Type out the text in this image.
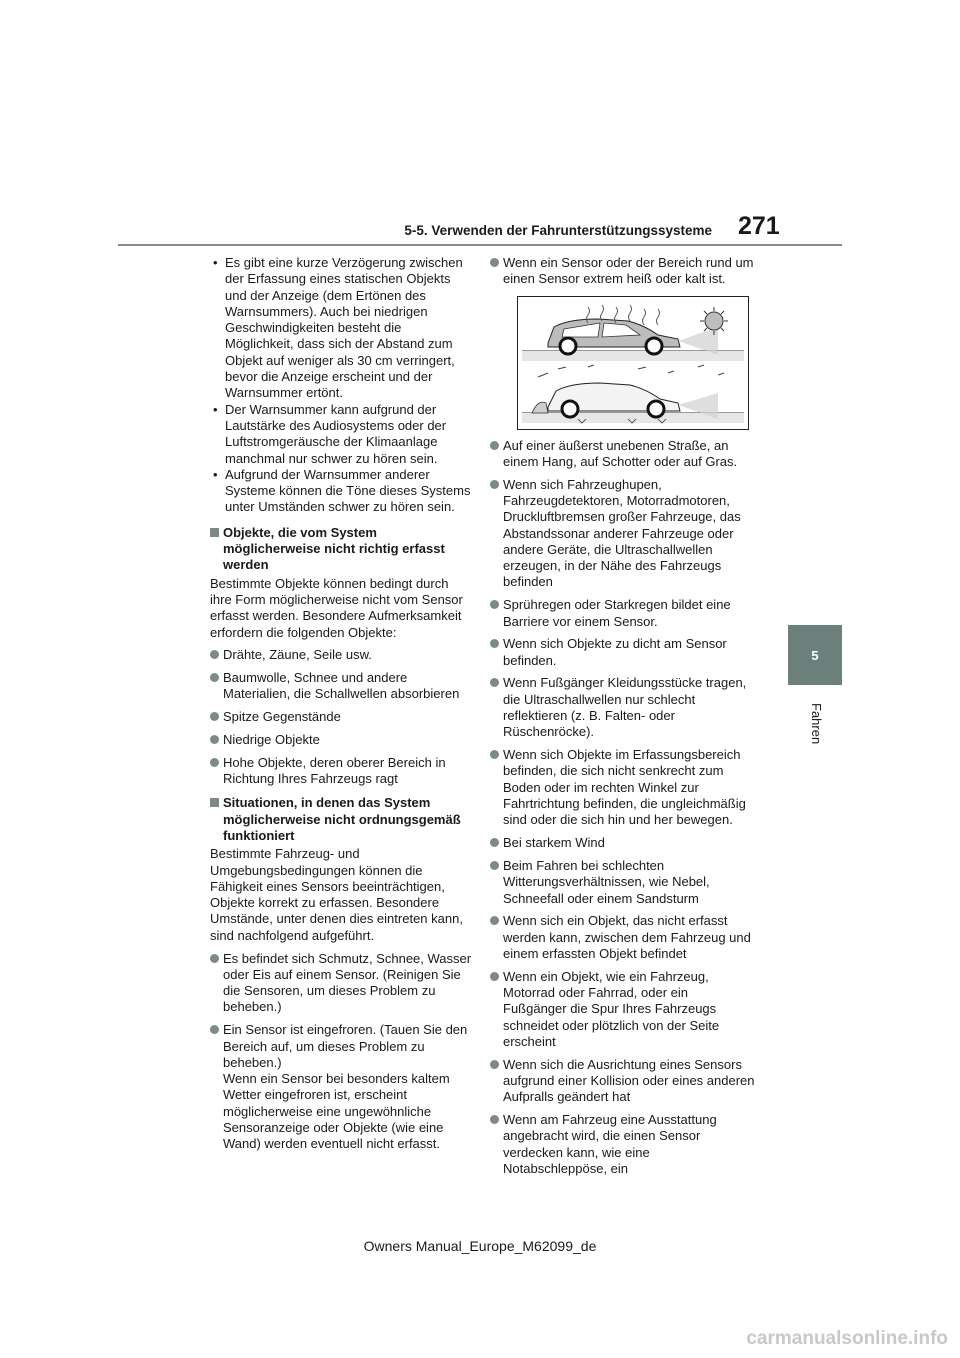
5-5. Verwenden der Fahrunterstützungssysteme 271
5
Fahren
• Es gibt eine kurze Verzögerung zwischen der Erfassung eines statischen Objekts und der Anzeige (dem Ertönen des Warnsummers). Auch bei niedrigen Geschwindigkeiten besteht die Möglichkeit, dass sich der Abstand zum Objekt auf weniger als 30 cm verringert, bevor die Anzeige erscheint und der Warnsummer ertönt.
• Der Warnsummer kann aufgrund der Lautstärke des Audiosystems oder der Luftstromgeräusche der Klimaanlage manchmal nur schwer zu hören sein.
• Aufgrund der Warnsummer anderer Systeme können die Töne dieses Systems unter Umständen schwer zu hören sein.
Objekte, die vom System möglicherweise nicht richtig erfasst werden
Bestimmte Objekte können bedingt durch ihre Form möglicherweise nicht vom Sensor erfasst werden. Besondere Aufmerksamkeit erfordern die folgenden Objekte:
Drähte, Zäune, Seile usw.
Baumwolle, Schnee und andere Materialien, die Schallwellen absorbieren
Spitze Gegenstände
Niedrige Objekte
Hohe Objekte, deren oberer Bereich in Richtung Ihres Fahrzeugs ragt
Situationen, in denen das System möglicherweise nicht ordnungsgemäß funktioniert
Bestimmte Fahrzeug- und Umgebungsbedingungen können die Fähigkeit eines Sensors beeinträchtigen, Objekte korrekt zu erfassen. Besondere Umstände, unter denen dies eintreten kann, sind nachfolgend aufgeführt.
Es befindet sich Schmutz, Schnee, Wasser oder Eis auf einem Sensor. (Reinigen Sie die Sensoren, um dieses Problem zu beheben.)
Ein Sensor ist eingefroren. (Tauen Sie den Bereich auf, um dieses Problem zu beheben.)
Wenn ein Sensor bei besonders kaltem Wetter eingefroren ist, erscheint möglicherweise eine ungewöhnliche Sensoranzeige oder Objekte (wie eine Wand) werden eventuell nicht erfasst.
Wenn ein Sensor oder der Bereich rund um einen Sensor extrem heiß oder kalt ist.
Auf einer äußerst unebenen Straße, an einem Hang, auf Schotter oder auf Gras.
Wenn sich Fahrzeughupen, Fahrzeugdetektoren, Motorradmotoren, Druckluftbremsen großer Fahrzeuge, das Abstandssonar anderer Fahrzeuge oder andere Geräte, die Ultraschallwellen erzeugen, in der Nähe des Fahrzeugs befinden
Sprühregen oder Starkregen bildet eine Barriere vor einem Sensor.
Wenn sich Objekte zu dicht am Sensor befinden.
Wenn Fußgänger Kleidungsstücke tragen, die Ultraschallwellen nur schlecht reflektieren (z. B. Falten- oder Rüschenröcke).
Wenn sich Objekte im Erfassungsbereich befinden, die sich nicht senkrecht zum Boden oder im rechten Winkel zur Fahrtrichtung befinden, die ungleichmäßig sind oder die sich hin und her bewegen.
Bei starkem Wind
Beim Fahren bei schlechten Witterungsverhältnissen, wie Nebel, Schneefall oder einem Sandsturm
Wenn sich ein Objekt, das nicht erfasst werden kann, zwischen dem Fahrzeug und einem erfassten Objekt befindet
Wenn ein Objekt, wie ein Fahrzeug, Motorrad oder Fahrrad, oder ein Fußgänger die Spur Ihres Fahrzeugs schneidet oder plötzlich von der Seite erscheint
Wenn sich die Ausrichtung eines Sensors aufgrund einer Kollision oder eines anderen Aufpralls geändert hat
Wenn am Fahrzeug eine Ausstattung angebracht wird, die einen Sensor verdecken kann, wie eine Notabschleppöse, ein
Owners Manual_Europe_M62099_de
carmanualsonline.info
